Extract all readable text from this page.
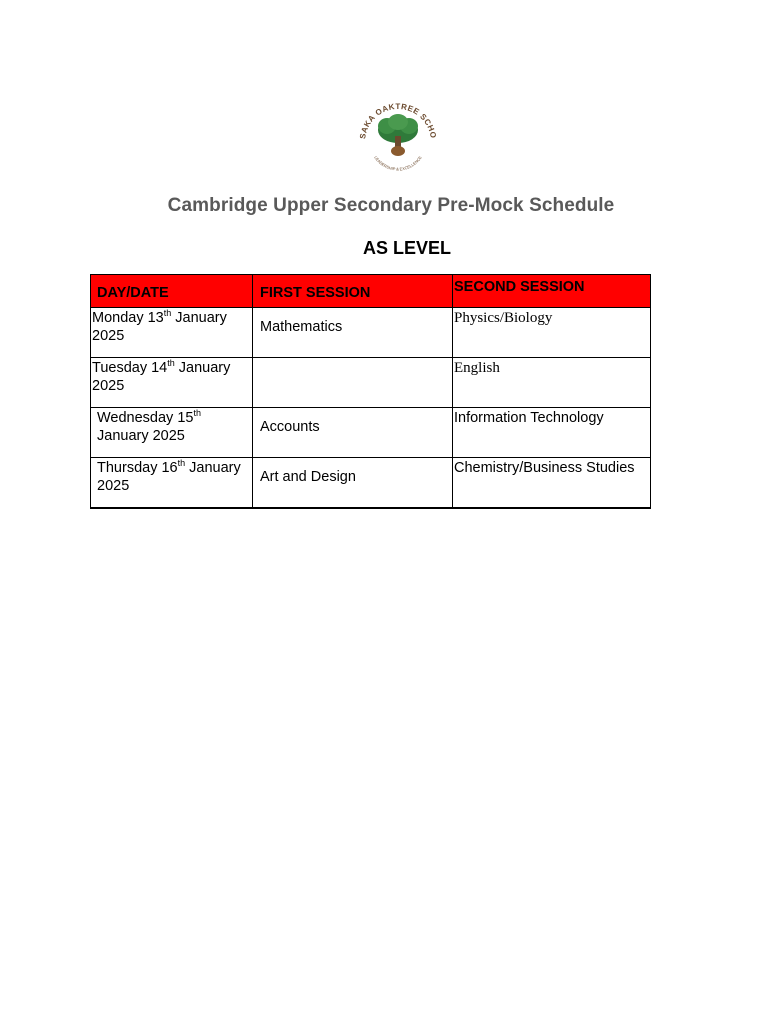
SAKA OAKTREE SCHO
LEADERSHIP & EXCELLENCE
Cambridge Upper Secondary Pre-Mock Schedule
AS LEVEL
DAY/DATE	FIRST SESSION	SECOND SESSION

Monday 13th January 2025	Mathematics	Physics/Biology

Tuesday 14th January 2025		English

Wednesday 15th January 2025	Accounts	Information Technology

Thursday 16th January 2025	Art and Design	Chemistry/Business Studies
